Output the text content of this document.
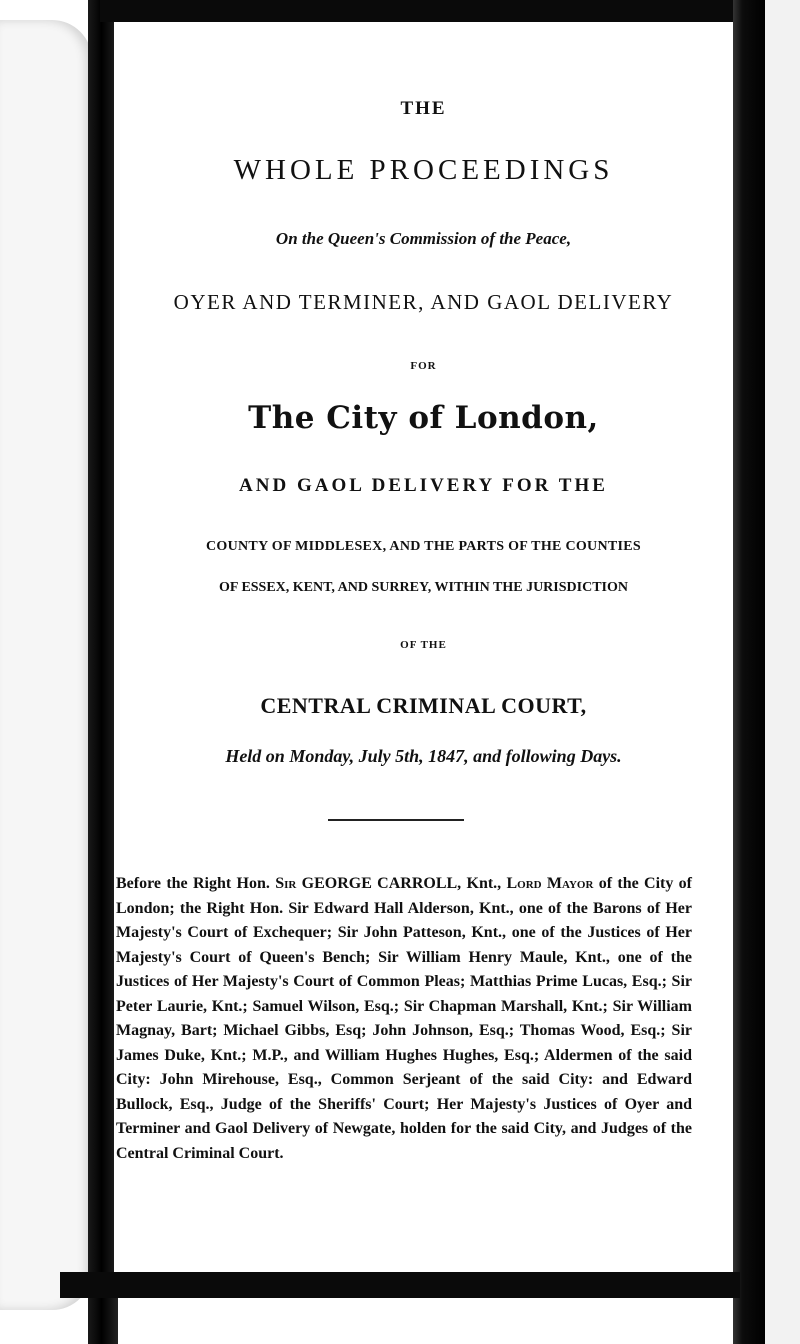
THE
WHOLE PROCEEDINGS
On the Queen's Commission of the Peace,
OYER AND TERMINER, AND GAOL DELIVERY
FOR
The City of London,
AND GAOL DELIVERY FOR THE
COUNTY OF MIDDLESEX, AND THE PARTS OF THE COUNTIES
OF ESSEX, KENT, AND SURREY, WITHIN THE JURISDICTION
OF THE
CENTRAL CRIMINAL COURT,
Held on Monday, July 5th, 1847, and following Days.

Before the Right Hon. Sir GEORGE CARROLL, Knt., Lord Mayor of the City of London; the Right Hon. Sir Edward Hall Alderson, Knt., one of the Barons of Her Majesty's Court of Exchequer; Sir John Patteson, Knt., one of the Justices of Her Majesty's Court of Queen's Bench; Sir William Henry Maule, Knt., one of the Justices of Her Majesty's Court of Common Pleas; Matthias Prime Lucas, Esq.; Sir Peter Laurie, Knt.; Samuel Wilson, Esq.; Sir Chapman Marshall, Knt.; Sir William Magnay, Bart; Michael Gibbs, Esq; John Johnson, Esq.; Thomas Wood, Esq.; Sir James Duke, Knt.; M.P., and William Hughes Hughes, Esq.; Aldermen of the said City: John Mirehouse, Esq., Common Serjeant of the said City: and Edward Bullock, Esq., Judge of the Sheriffs' Court; Her Majesty's Justices of Oyer and Terminer and Gaol Delivery of Newgate, holden for the said City, and Judges of the Central Criminal Court.
